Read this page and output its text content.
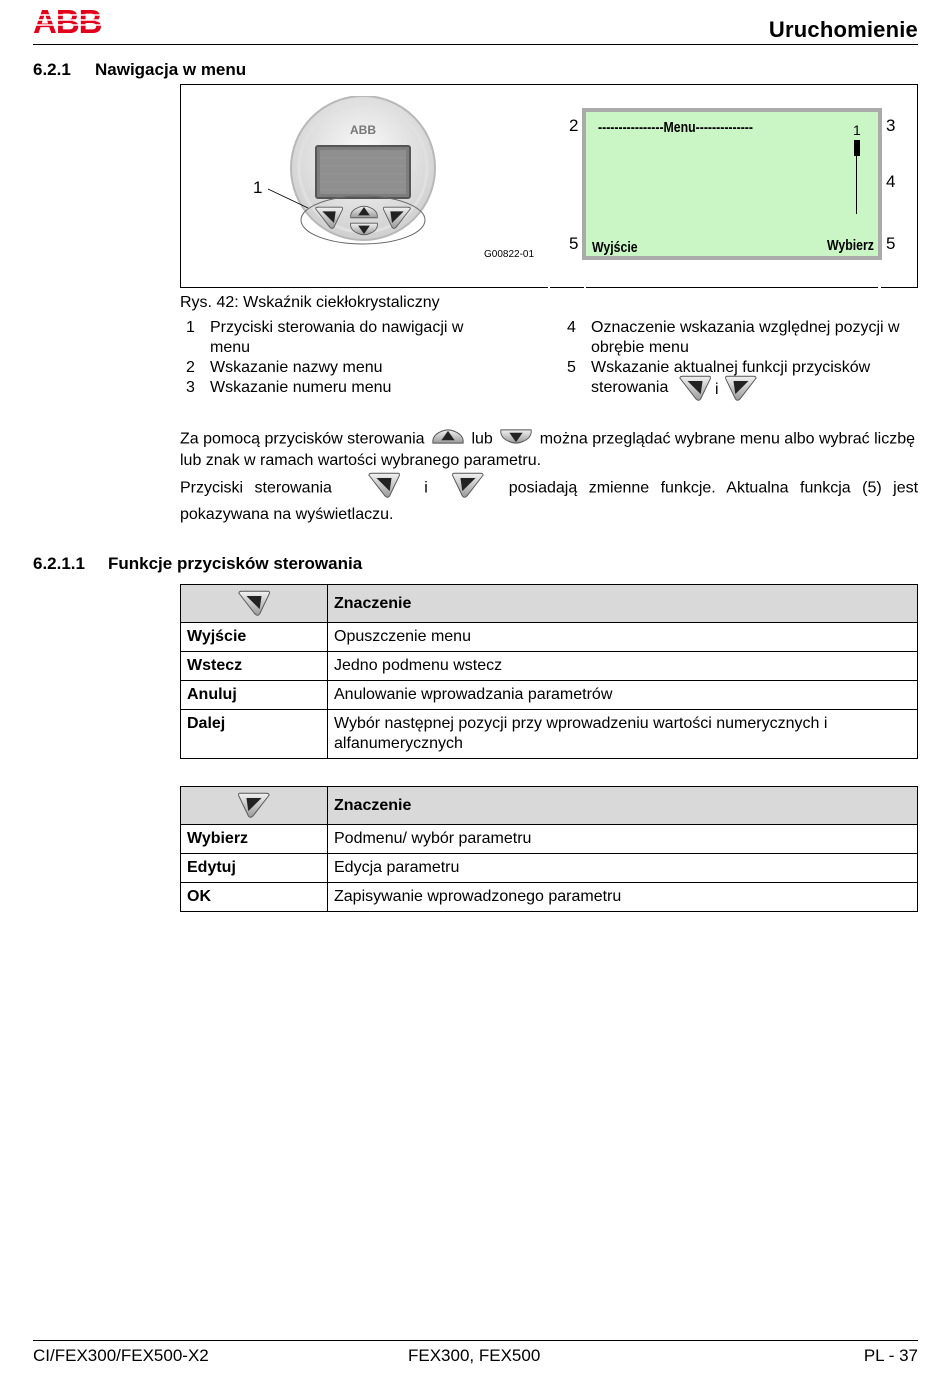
ABB	Uruchomienie
6.2.1 Nawigacja w menu
ABB
1
G00822-01
----------------Menu--------------	1
Wyjście	Wybierz
2	3
4
5	5
Rys. 42: Wskaźnik ciekłokrystaliczny
1 Przyciski sterowania do nawigacji w menu
2 Wskazanie nazwy menu
3 Wskazanie numeru menu
4 Oznaczenie wskazania względnej pozycji w obrębie menu
5 Wskazanie aktualnej funkcji przycisków sterowania	i
Za pomocą przycisków sterowania	lub	można przeglądać wybrane menu albo wybrać liczbę lub znak w ramach wartości wybranego parametru.
Przyciski sterowania	i	posiadają zmienne funkcje. Aktualna funkcja (5) jest pokazywana na wyświetlaczu.
6.2.1.1 Funkcje przycisków sterowania
	Znaczenie
Wyjście	Opuszczenie menu
Wstecz	Jedno podmenu wstecz
Anuluj	Anulowanie wprowadzania parametrów
Dalej	Wybór następnej pozycji przy wprowadzeniu wartości numerycznych i alfanumerycznych
	Znaczenie
Wybierz	Podmenu/ wybór parametru
Edytuj	Edycja parametru
OK	Zapisywanie wprowadzonego parametru
CI/FEX300/FEX500-X2	FEX300, FEX500	PL - 37
